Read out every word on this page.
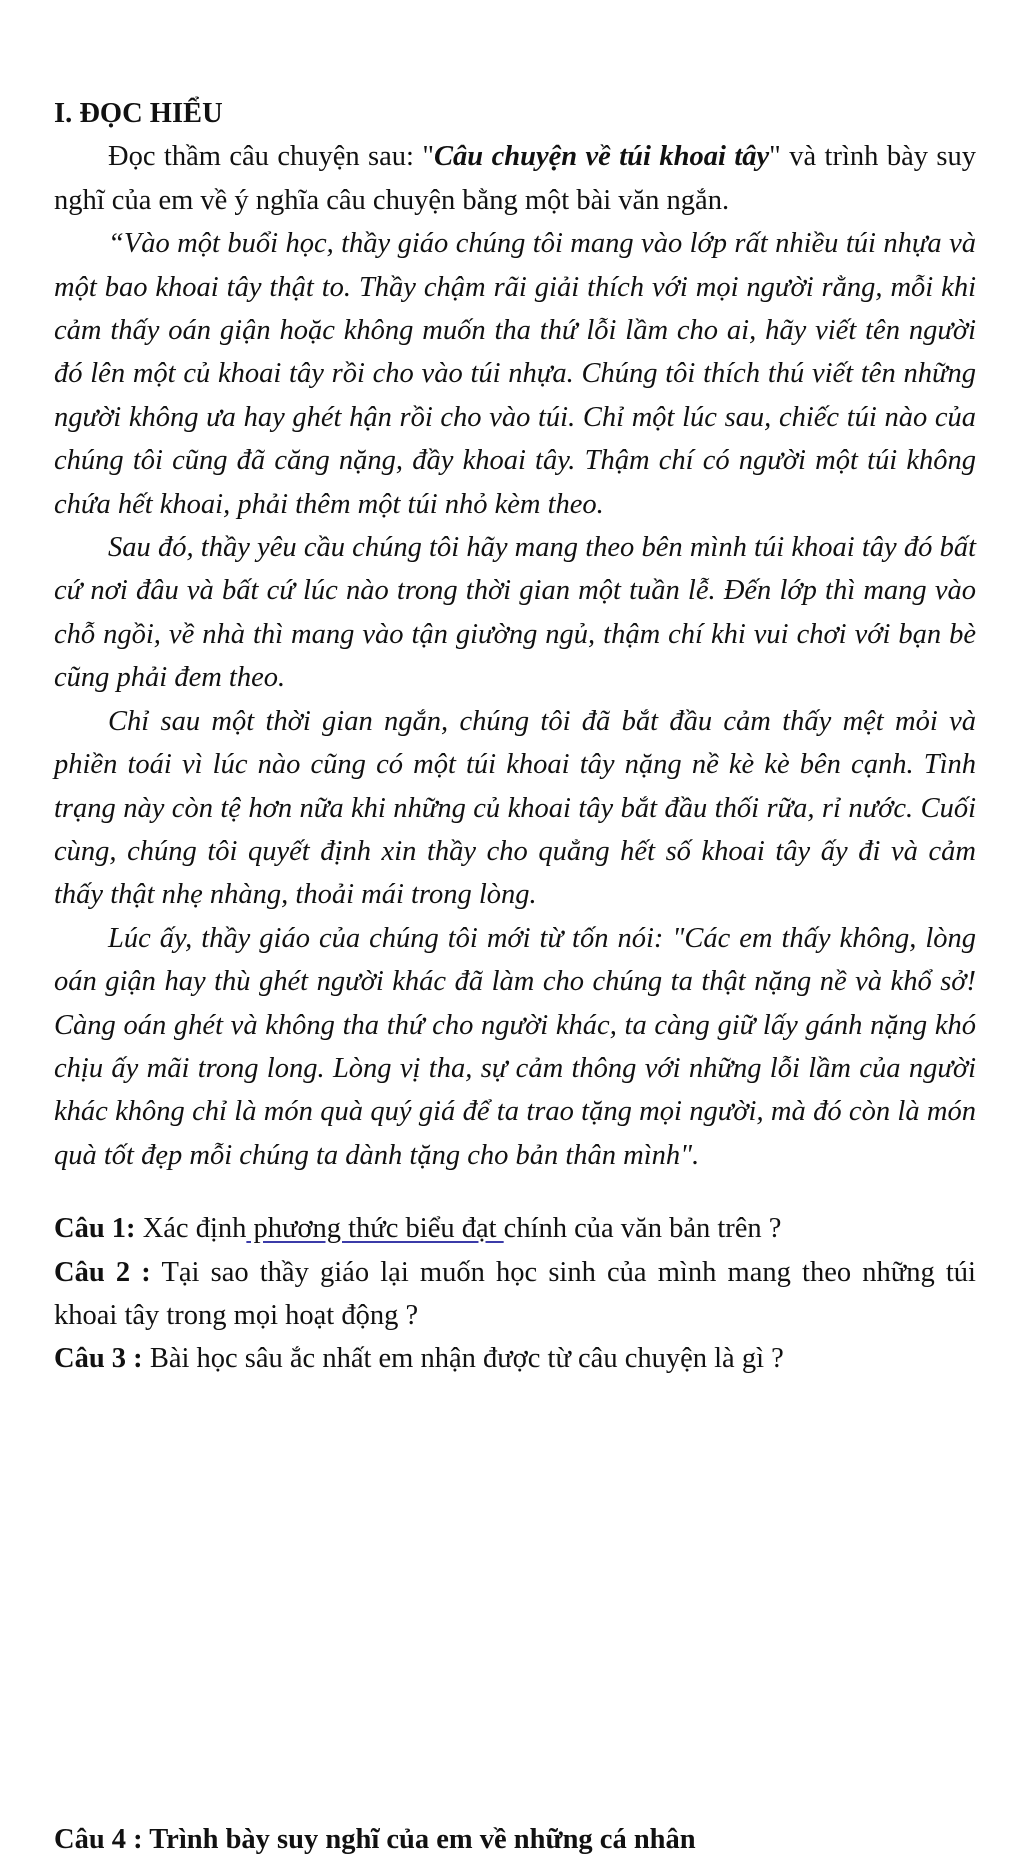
I. ĐỌC HIỂU

Đọc thầm câu chuyện sau: "Câu chuyện về túi khoai tây" và trình bày suy nghĩ của em về ý nghĩa câu chuyện bằng một bài văn ngắn.

“Vào một buổi học, thầy giáo chúng tôi mang vào lớp rất nhiều túi nhựa và một bao khoai tây thật to. Thầy chậm rãi giải thích với mọi người rằng, mỗi khi cảm thấy oán giận hoặc không muốn tha thứ lỗi lầm cho ai, hãy viết tên người đó lên một củ khoai tây rồi cho vào túi nhựa. Chúng tôi thích thú viết tên những người không ưa hay ghét hận rồi cho vào túi. Chỉ một lúc sau, chiếc túi nào của chúng tôi cũng đã căng nặng, đầy khoai tây. Thậm chí có người một túi không chứa hết khoai, phải thêm một túi nhỏ kèm theo.

Sau đó, thầy yêu cầu chúng tôi hãy mang theo bên mình túi khoai tây đó bất cứ nơi đâu và bất cứ lúc nào trong thời gian một tuần lễ. Đến lớp thì mang vào chỗ ngồi, về nhà thì mang vào tận giường ngủ, thậm chí khi vui chơi với bạn bè cũng phải đem theo.

Chỉ sau một thời gian ngắn, chúng tôi đã bắt đầu cảm thấy mệt mỏi và phiền toái vì lúc nào cũng có một túi khoai tây nặng nề kè kè bên cạnh. Tình trạng này còn tệ hơn nữa khi những củ khoai tây bắt đầu thối rữa, rỉ nước. Cuối cùng, chúng tôi quyết định xin thầy cho quẳng hết số khoai tây ấy đi và cảm thấy thật nhẹ nhàng, thoải mái trong lòng.

Lúc ấy, thầy giáo của chúng tôi mới từ tốn nói: "Các em thấy không, lòng oán giận hay thù ghét người khác đã làm cho chúng ta thật nặng nề và khổ sở! Càng oán ghét và không tha thứ cho người khác, ta càng giữ lấy gánh nặng khó chịu ấy mãi trong long. Lòng vị tha, sự cảm thông với những lỗi lầm của người khác không chỉ là món quà quý giá để ta trao tặng mọi người, mà đó còn là món quà tốt đẹp mỗi chúng ta dành tặng cho bản thân mình".

Câu 1: Xác định phương thức biểu đạt chính của văn bản trên ?

Câu 2 : Tại sao thầy giáo lại muốn học sinh của mình mang theo những túi khoai tây trong mọi hoạt động ?

Câu 3 : Bài học sâu ắc nhất em nhận được từ câu chuyện là gì ?

Câu 4 : Trình bày suy nghĩ của em về những cá nhân
